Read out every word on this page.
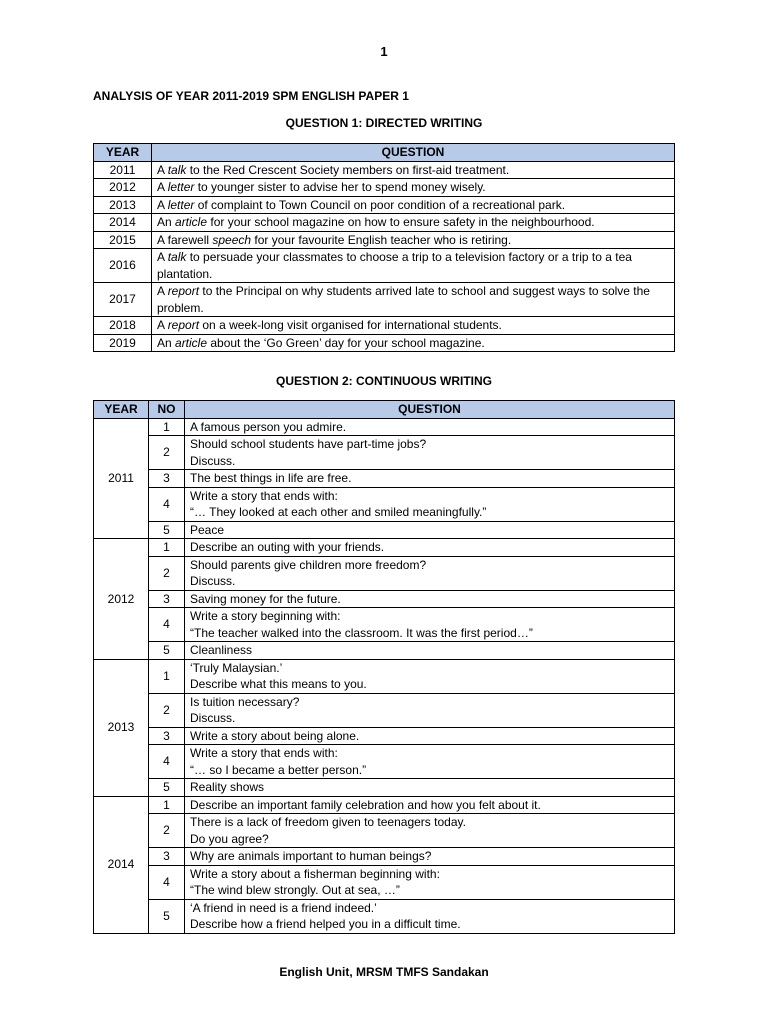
1
ANALYSIS OF YEAR 2011-2019 SPM ENGLISH PAPER 1
QUESTION 1: DIRECTED WRITING
YEAR	QUESTION
2011	A talk to the Red Crescent Society members on first-aid treatment.
2012	A letter to younger sister to advise her to spend money wisely.
2013	A letter of complaint to Town Council on poor condition of a recreational park.
2014	An article for your school magazine on how to ensure safety in the neighbourhood.
2015	A farewell speech for your favourite English teacher who is retiring.
2016	A talk to persuade your classmates to choose a trip to a television factory or a trip to a tea plantation.
2017	A report to the Principal on why students arrived late to school and suggest ways to solve the problem.
2018	A report on a week-long visit organised for international students.
2019	An article about the ‘Go Green’ day for your school magazine.
QUESTION 2: CONTINUOUS WRITING
YEAR	NO	QUESTION
2011	1	A famous person you admire.

	2	Should school students have part-time jobs?
Discuss.

	3	The best things in life are free.

	4	Write a story that ends with:
“… They looked at each other and smiled meaningfully.”

	5	Peace

2012	1	Describe an outing with your friends.

	2	Should parents give children more freedom?
Discuss.

	3	Saving money for the future.

	4	Write a story beginning with:
“The teacher walked into the classroom. It was the first period…”

	5	Cleanliness

2013	1	‘Truly Malaysian.’
Describe what this means to you.

	2	Is tuition necessary?
Discuss.

	3	Write a story about being alone.

	4	Write a story that ends with:
“… so I became a better person.”

	5	Reality shows

2014	1	Describe an important family celebration and how you felt about it.

	2	There is a lack of freedom given to teenagers today.
Do you agree?

	3	Why are animals important to human beings?

	4	Write a story about a fisherman beginning with:
“The wind blew strongly. Out at sea, …”

	5	‘A friend in need is a friend indeed.’
Describe how a friend helped you in a difficult time.
English Unit, MRSM TMFS Sandakan
